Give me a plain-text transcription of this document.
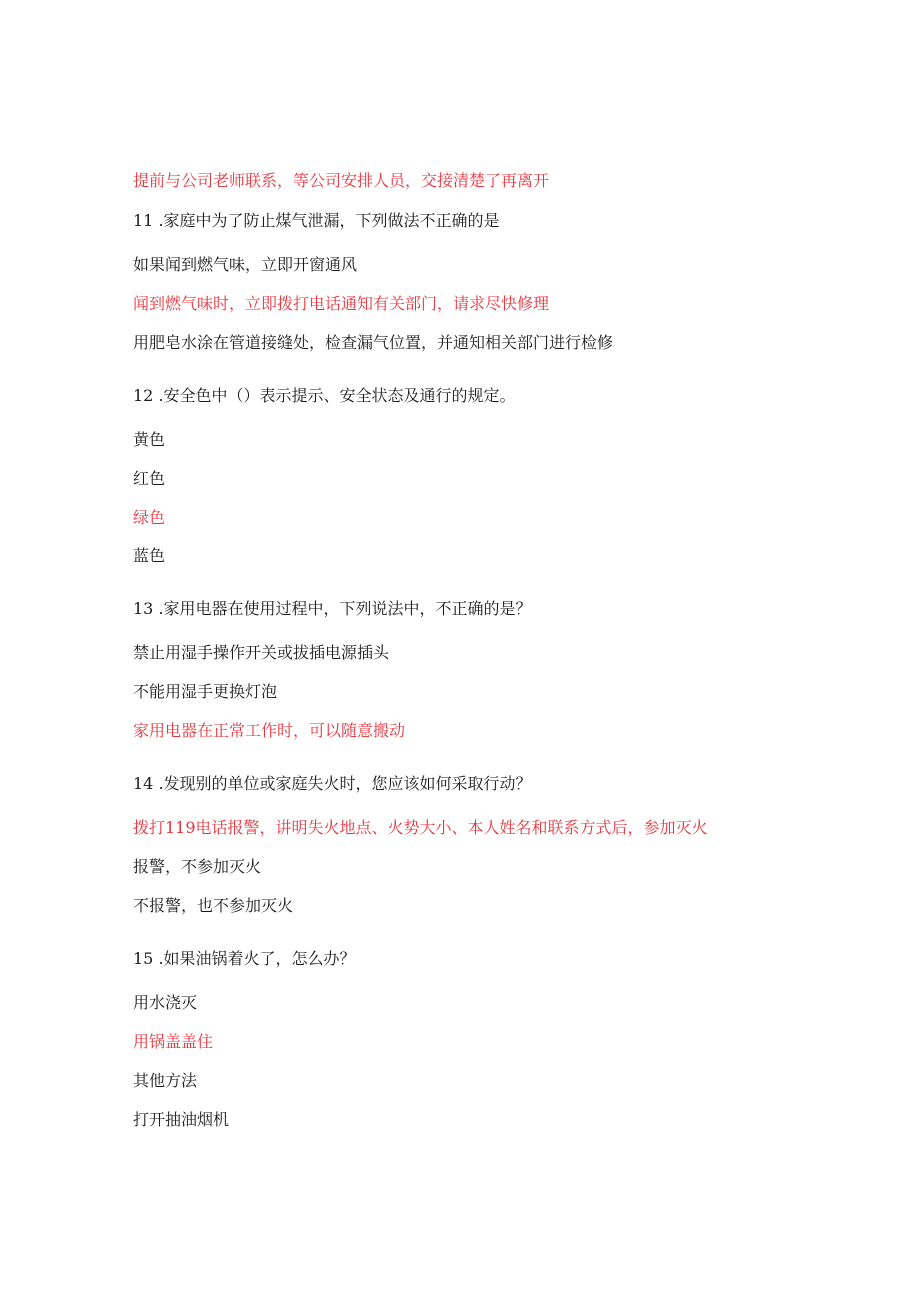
提前与公司老师联系，等公司安排人员，交接清楚了再离开
11 .家庭中为了防止煤气泄漏，下列做法不正确的是
如果闻到燃气味，立即开窗通风
闻到燃气味时，立即拨打电话通知有关部门，请求尽快修理
用肥皂水涂在管道接缝处，检查漏气位置，并通知相关部门进行检修
12 .安全色中（）表示提示、安全状态及通行的规定。
黄色
红色
绿色
蓝色
13 .家用电器在使用过程中，下列说法中，不正确的是？
禁止用湿手操作开关或拔插电源插头
不能用湿手更换灯泡
家用电器在正常工作时，可以随意搬动
14 .发现别的单位或家庭失火时，您应该如何采取行动？
拨打119电话报警，讲明失火地点、火势大小、本人姓名和联系方式后，参加灭火
报警，不参加灭火
不报警，也不参加灭火
15 .如果油锅着火了，怎么办？
用水浇灭
用锅盖盖住
其他方法
打开抽油烟机
